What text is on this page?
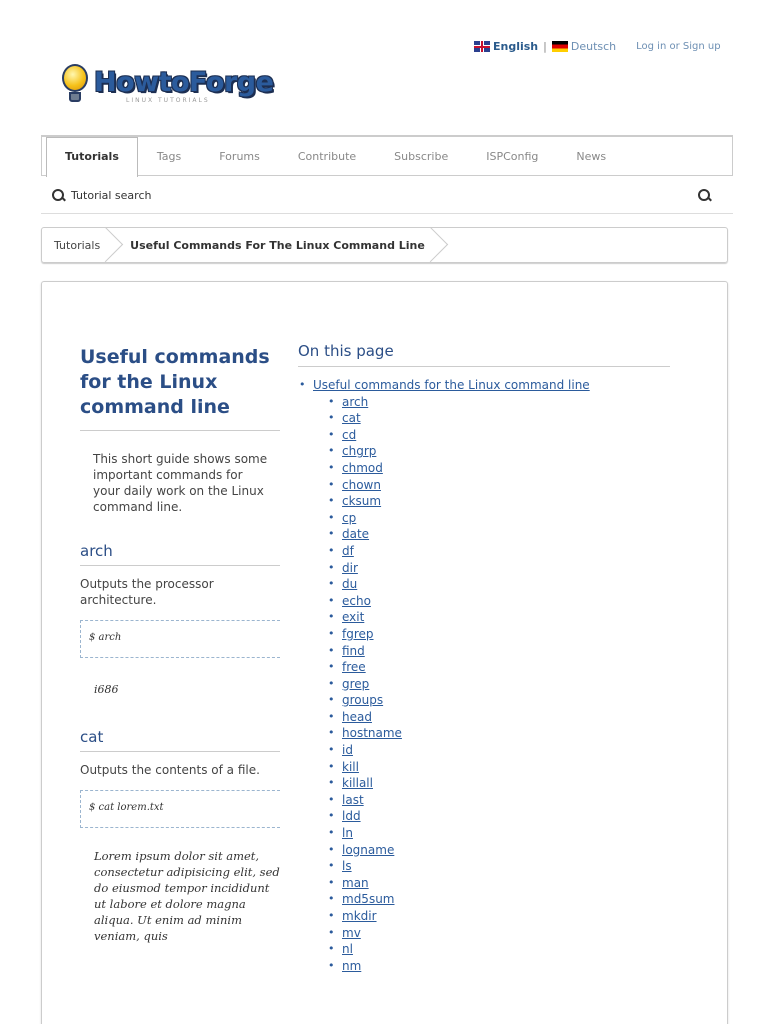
English | Deutsch Log in or Sign up
HowtoForge
LINUX TUTORIALS
Tutorials	Tags	Forums	Contribute	Subscribe	ISPConfig	News
Tutorial search
Tutorials	Useful Commands For The Linux Command Line
Useful commands for the Linux command line
This short guide shows some important commands for your daily work on the Linux command line.
arch
Outputs the processor architecture.
$ arch
i686
cat
Outputs the contents of a file.
$ cat lorem.txt
Lorem ipsum dolor sit amet, consectetur adipisicing elit, sed do eiusmod tempor incididunt ut labore et dolore magna aliqua. Ut enim ad minim veniam, quis
On this page
• Useful commands for the Linux command line
• arch
• cat
• cd
• chgrp
• chmod
• chown
• cksum
• cp
• date
• df
• dir
• du
• echo
• exit
• fgrep
• find
• free
• grep
• groups
• head
• hostname
• id
• kill
• killall
• last
• ldd
• ln
• logname
• ls
• man
• md5sum
• mkdir
• mv
• nl
• nm
